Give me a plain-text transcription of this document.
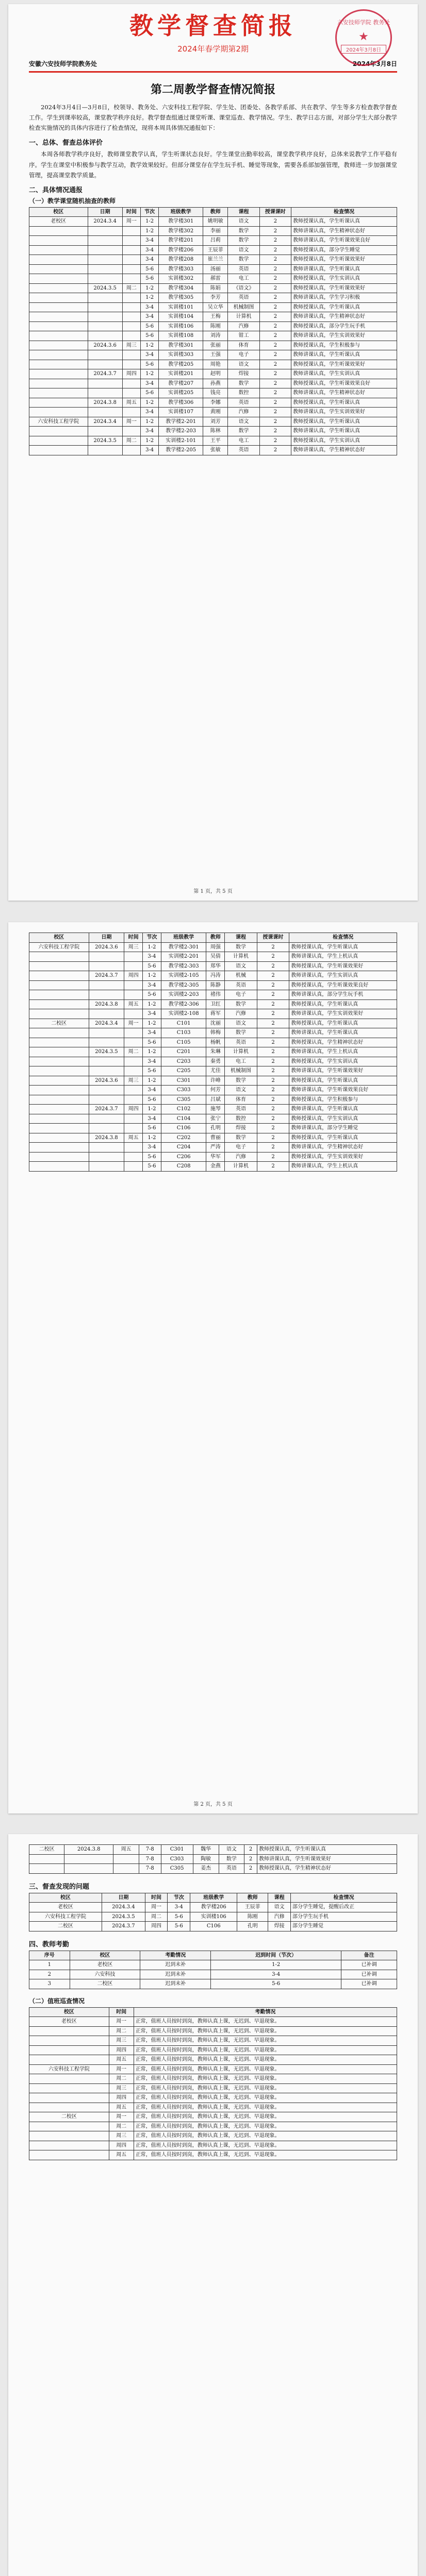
六安技师学院 教务处
★
2024年3月8日
教学督查简报
2024年春学期第2期
安徽六安技师学院教务处	2024年3月8日
第二周教学督查情况简报

2024年3月4日—3月8日，校领导、教务处、六安科技工程学院、学生处、团委处、各教学系部、共在教学、学生等多方检查教学督查工作。学生到课率较高，课堂教学秩序良好。教学督查组通过课堂听课、课堂巡查、教学情况。学生、教学日志方面，对部分学生大部分教学检查实施情况的具体内容进行了检查情况，现将本周具体情况通报如下：

一、总体、督查总体评价

本周各师教学秩序良好，教师课堂教学认真，学生听课状态良好。学生课堂出勤率较高，课堂教学秩序良好，总体来说教学工作平稳有序。学生在课堂中积极参与教学互动，教学效果较好。但部分课堂存在学生玩手机、睡觉等现象，需要各系部加强管理，教师进一步加强课堂管理，提高课堂教学质量。

二、具体情况通报
（一）教学课堂随机抽查的教师
校区	日期	时间	节次	班级教学	教师	课程	授课课时	检查情况
老校区	2024.3.4	周一	1-2	教学楼301	姚明敏	语文	2	教师授课认真，学生听课认真
			1-2	教学楼302	李丽	数学	2	教师讲课认真，学生精神状态好
			3-4	教学楼201	吕莉	数学	2	教师讲课认真，学生听课效果良好
			3-4	教学楼206	王辰菲	语文	2	教师授课认真，部分学生睡觉
			3-4	教学楼208	崔兰兰	数学	2	教师授课认真，学生听课效果好
			5-6	教学楼303	汤丽	英语	2	教师讲课认真，学生听课认真
			5-6	实训楼302	郝雷	电工	2	教师授课认真，学生实训认真
	2024.3.5	周二	1-2	教学楼304	陈娟	《语文》	2	教师授课认真，学生听课效果好
			1-2	教学楼305	李芳	英语	2	教师讲课认真，学生学习积极
			3-4	实训楼101	吴立华	机械制图	2	教师授课认真，学生听课认真
			3-4	实训楼104	王梅	计算机	2	教师讲课认真，学生精神状态好
			5-6	实训楼106	陈刚	汽修	2	教师授课认真，部分学生玩手机
			5-6	实训楼108	刘涛	钳工	2	教师讲课认真，学生实训效果好
	2024.3.6	周三	1-2	教学楼301	张丽	体育	2	教师授课认真，学生积极参与
			3-4	实训楼303	王强	电子	2	教师讲课认真，学生听课认真
			5-6	教学楼205	周艳	语文	2	教师授课认真，学生听课效果好
	2024.3.7	周四	1-2	实训楼201	赵明	焊接	2	教师讲课认真，学生实训认真
			3-4	教学楼207	孙燕	数学	2	教师授课认真，学生听课效果良好
			5-6	实训楼205	钱亮	数控	2	教师讲课认真，学生精神状态好
	2024.3.8	周五	1-2	教学楼306	李娜	英语	2	教师授课认真，学生听课认真
			3-4	实训楼107	黄刚	汽修	2	教师讲课认真，学生实训效果好
六安科技工程学院	2024.3.4	周一	1-2	教学楼2-201	刘芳	语文	2	教师授课认真，学生听课认真
			3-4	教学楼2-203	陈林	数学	2	教师讲课认真，学生听课认真
	2024.3.5	周二	1-2	实训楼2-101	王平	电工	2	教师授课认真，学生实训认真
			3-4	教学楼2-205	张敏	英语	2	教师讲课认真，学生精神状态好
第 1 页，共 5 页
校区	日期	时间	节次	班级教学	教师	课程	授课课时	检查情况
六安科技工程学院	2024.3.6	周三	1-2	教学楼2-301	周强	数学	2	教师授课认真，学生听课认真
			3-4	实训楼2-201	吴倩	计算机	2	教师讲课认真，学生上机认真
			5-6	教学楼2-303	郑华	语文	2	教师授课认真，学生听课效果好
	2024.3.7	周四	1-2	实训楼2-105	冯涛	机械	2	教师讲课认真，学生实训认真
			3-4	教学楼2-305	陈静	英语	2	教师授课认真，学生听课效果良好
			5-6	实训楼2-203	褚伟	电子	2	教师讲课认真，部分学生玩手机
	2024.3.8	周五	1-2	教学楼2-306	卫红	数学	2	教师授课认真，学生听课认真
			3-4	实训楼2-108	蒋军	汽修	2	教师讲课认真，学生实训效果好
二校区	2024.3.4	周一	1-2	C101	沈丽	语文	2	教师授课认真，学生听课认真
			3-4	C103	韩梅	数学	2	教师讲课认真，学生听课认真
			5-6	C105	杨帆	英语	2	教师授课认真，学生精神状态好
	2024.3.5	周二	1-2	C201	朱琳	计算机	2	教师讲课认真，学生上机认真
			3-4	C203	秦勇	电工	2	教师授课认真，学生实训认真
			5-6	C205	尤佳	机械制图	2	教师讲课认真，学生听课效果好
	2024.3.6	周三	1-2	C301	许峰	数学	2	教师授课认真，学生听课认真
			3-4	C303	何芳	语文	2	教师讲课认真，学生听课效果良好
			5-6	C305	吕斌	体育	2	教师授课认真，学生积极参与
	2024.3.7	周四	1-2	C102	施琴	英语	2	教师讲课认真，学生听课认真
			3-4	C104	张宁	数控	2	教师授课认真，学生实训认真
			5-6	C106	孔明	焊接	2	教师讲课认真，部分学生睡觉
	2024.3.8	周五	1-2	C202	曹丽	数学	2	教师授课认真，学生听课认真
			3-4	C204	严涛	电子	2	教师讲课认真，学生精神状态好
			5-6	C206	华军	汽修	2	教师授课认真，学生实训效果好
			5-6	C208	金燕	计算机	2	教师讲课认真，学生上机认真
第 2 页，共 5 页
二校区	2024.3.8	周五	7-8	C301	魏华	语文	2	教师授课认真，学生听课认真
			7-8	C303	陶敏	数学	2	教师讲课认真，学生听课效果好
			7-8	C305	姜杰	英语	2	教师授课认真，学生精神状态好
三、督查发现的问题
校区	日期	时间	节次	班级教学	教师	课程	检查情况
老校区	2024.3.4	周一	3-4	教学楼206	王辰菲	语文	部分学生睡觉，提醒后改正
六安科技工程学院	2024.3.5	周二	5-6	实训楼106	陈刚	汽修	部分学生玩手机
二校区	2024.3.7	周四	5-6	C106	孔明	焊接	部分学生睡觉
四、教师考勤
序号	校区	考勤情况	迟到时间（节次）	备注
1	老校区	迟到未补	1-2	已补调
2	六安科技	迟到未补	3-4	已补调
3	二校区	迟到未补	5-6	已补调
（二）值班巡查情况
校区	时间	考勤情况
老校区	周一	正常，值班人员按时到岗，教师认真上课，无迟到、早退现象。
	周二	正常，值班人员按时到岗，教师认真上课，无迟到、早退现象。
	周三	正常，值班人员按时到岗，教师认真上课，无迟到、早退现象。
	周四	正常，值班人员按时到岗，教师认真上课，无迟到、早退现象。
	周五	正常，值班人员按时到岗，教师认真上课，无迟到、早退现象。
六安科技工程学院	周一	正常，值班人员按时到岗，教师认真上课，无迟到、早退现象。
	周二	正常，值班人员按时到岗，教师认真上课，无迟到、早退现象。
	周三	正常，值班人员按时到岗，教师认真上课，无迟到、早退现象。
	周四	正常，值班人员按时到岗，教师认真上课，无迟到、早退现象。
	周五	正常，值班人员按时到岗，教师认真上课，无迟到、早退现象。
二校区	周一	正常，值班人员按时到岗，教师认真上课，无迟到、早退现象。
	周二	正常，值班人员按时到岗，教师认真上课，无迟到、早退现象。
	周三	正常，值班人员按时到岗，教师认真上课，无迟到、早退现象。
	周四	正常，值班人员按时到岗，教师认真上课，无迟到、早退现象。
	周五	正常，值班人员按时到岗，教师认真上课，无迟到、早退现象。
